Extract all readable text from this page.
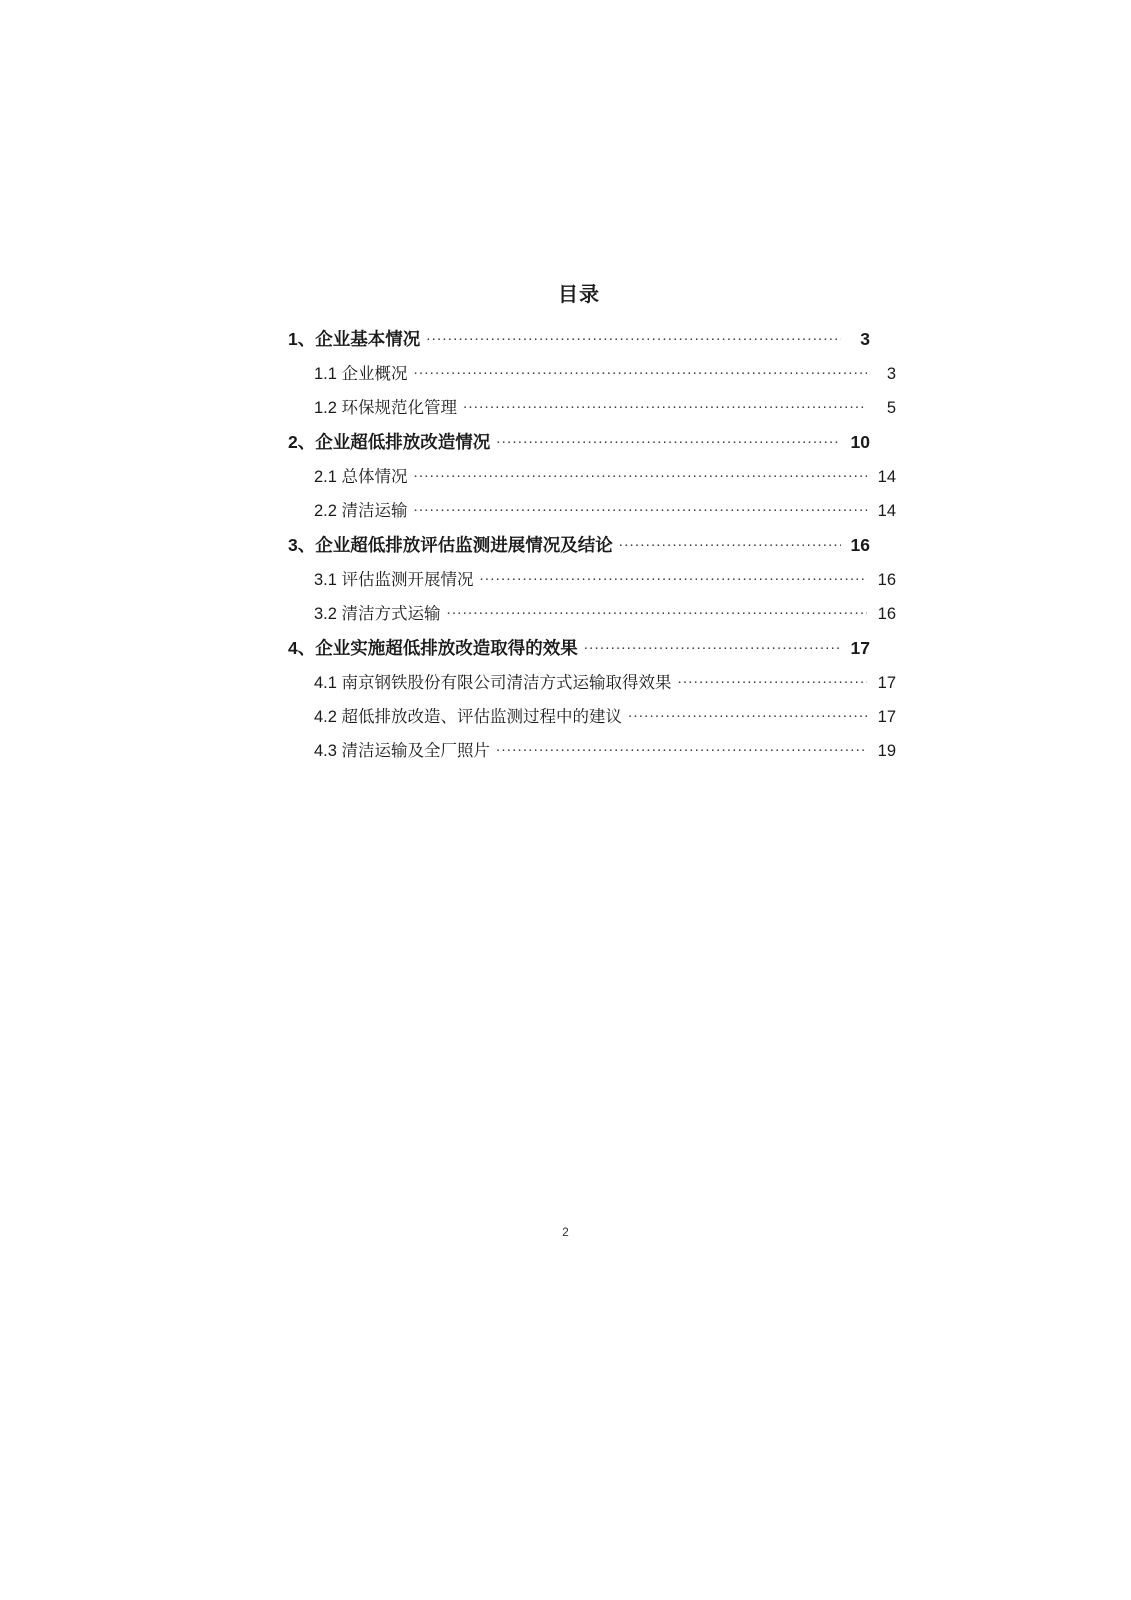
目录
1、企业基本情况 .....	3
1.1 企业概况 .....	3
1.2 环保规范化管理 .....	5
2、企业超低排放改造情况 .....	10
2.1 总体情况 .....	14
2.2 清洁运输 .....	14
3、企业超低排放评估监测进展情况及结论 .....	16
3.1 评估监测开展情况 .....	16
3.2 清洁方式运输 .....	16
4、企业实施超低排放改造取得的效果 .....	17
4.1 南京钢铁股份有限公司清洁方式运输取得效果 .....	17
4.2 超低排放改造、评估监测过程中的建议 .....	17
4.3 清洁运输及全厂照片 .....	19
2
